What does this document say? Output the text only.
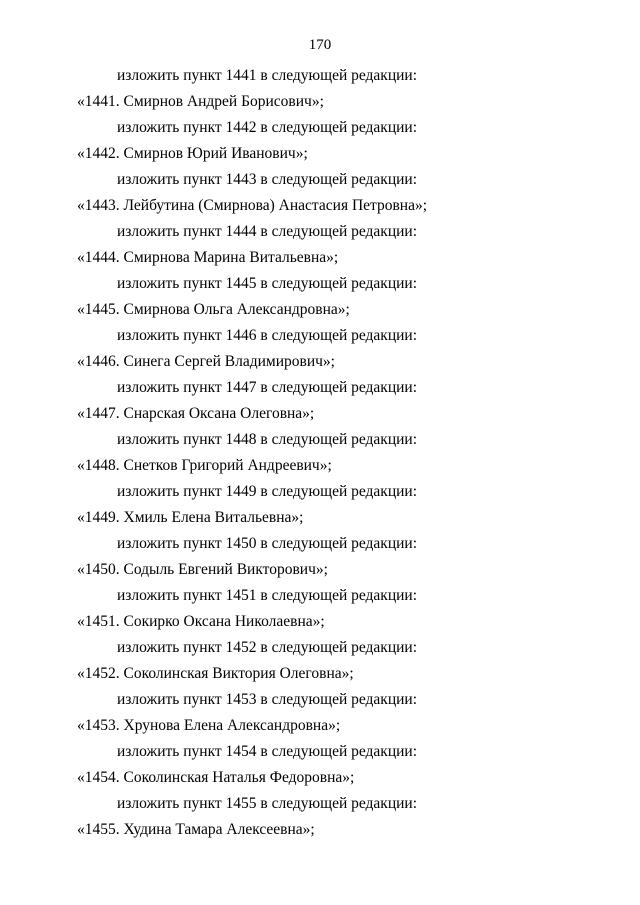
170
изложить пункт 1441 в следующей редакции:
«1441. Смирнов Андрей Борисович»;
изложить пункт 1442 в следующей редакции:
«1442. Смирнов Юрий Иванович»;
изложить пункт 1443 в следующей редакции:
«1443. Лейбутина (Смирнова) Анастасия Петровна»;
изложить пункт 1444 в следующей редакции:
«1444. Смирнова Марина Витальевна»;
изложить пункт 1445 в следующей редакции:
«1445. Смирнова Ольга Александровна»;
изложить пункт 1446 в следующей редакции:
«1446. Синега Сергей Владимирович»;
изложить пункт 1447 в следующей редакции:
«1447. Снарская Оксана Олеговна»;
изложить пункт 1448 в следующей редакции:
«1448. Снетков Григорий Андреевич»;
изложить пункт 1449 в следующей редакции:
«1449. Хмиль Елена Витальевна»;
изложить пункт 1450 в следующей редакции:
«1450. Содыль Евгений Викторович»;
изложить пункт 1451 в следующей редакции:
«1451. Сокирко Оксана Николаевна»;
изложить пункт 1452 в следующей редакции:
«1452. Соколинская Виктория Олеговна»;
изложить пункт 1453 в следующей редакции:
«1453. Хрунова Елена Александровна»;
изложить пункт 1454 в следующей редакции:
«1454. Соколинская Наталья Федоровна»;
изложить пункт 1455 в следующей редакции:
«1455. Худина Тамара Алексеевна»;
